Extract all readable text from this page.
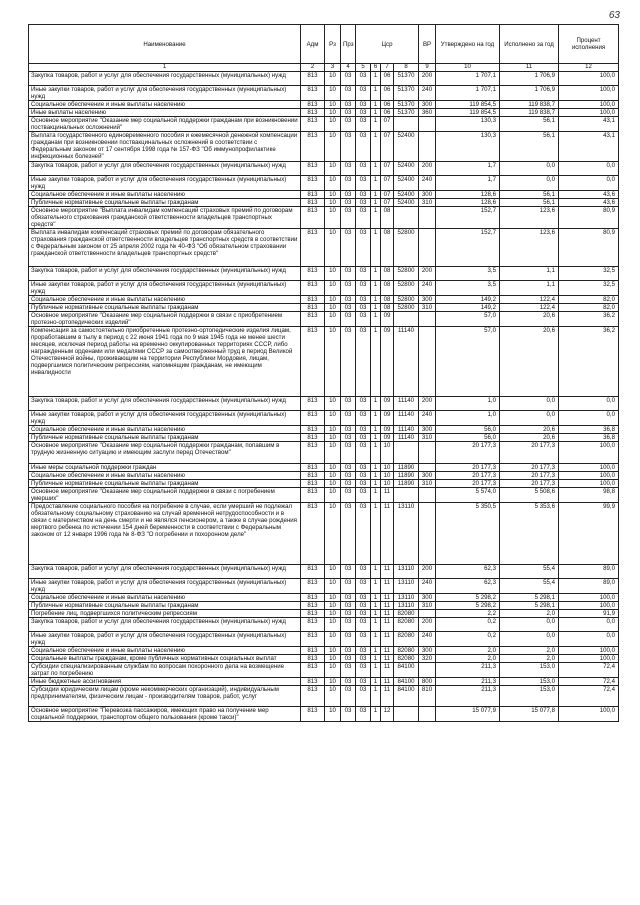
63
Наименование	Адм	Рз	Прз	Цср				ВР	Утверждено на год	Исполнено за год	Процент исполнения
1	2	3	4	5	6	7	8	9	10	11	12
Закупка товаров, работ и услуг для обеспечения государственных (муниципальных) нужд	813	10	03	03	1	06	51370	200	1 707,1	1 706,9	100,0
Иные закупки товаров, работ и услуг для обеспечения государственных (муниципальных) нужд	813	10	03	03	1	06	51370	240	1 707,1	1 706,9	100,0
Социальное обеспечение и иные выплаты населению	813	10	03	03	1	06	51370	300	119 854,5	119 838,7	100,0
Иные выплаты населению	813	10	03	03	1	06	51370	360	119 854,5	119 838,7	100,0
Основное мероприятие "Оказание мер социальной поддержки гражданам при возникновении поствакцинальных осложнений"	813	10	03	03	1	07			130,3	56,1	43,1
Выплата государственного единовременного пособия и ежемесячной денежной компенсации гражданам при возникновении поствакцинальных осложнений в соответствии с Федеральным законом от 17 сентября 1998 года № 157-ФЗ "Об иммунопрофилактике инфекционных болезней"	813	10	03	03	1	07	52400		130,3	56,1	43,1
Закупка товаров, работ и услуг для обеспечения государственных (муниципальных) нужд	813	10	03	03	1	07	52400	200	1,7	0,0	0,0
Иные закупки товаров, работ и услуг для обеспечения государственных (муниципальных) нужд	813	10	03	03	1	07	52400	240	1,7	0,0	0,0
Социальное обеспечение и иные выплаты населению	813	10	03	03	1	07	52400	300	128,6	56,1	43,6
Публичные нормативные социальные выплаты гражданам	813	10	03	03	1	07	52400	310	128,6	56,1	43,6
Основное мероприятие "Выплата инвалидам компенсаций страховых премий по договорам обязательного страхования гражданской ответственности владельцев транспортных средств"	813	10	03	03	1	08			152,7	123,6	80,9
Выплата инвалидам компенсаций страховых премий по договорам обязательного страхования гражданской ответственности владельцев транспортных средств в соответствии с Федеральным законом от 25 апреля 2002 года № 40-ФЗ "Об обязательном страховании гражданской ответственности владельцев транспортных средств"	813	10	03	03	1	08	52800		152,7	123,6	80,9
Закупка товаров, работ и услуг для обеспечения государственных (муниципальных) нужд	813	10	03	03	1	08	52800	200	3,5	1,1	32,5
Иные закупки товаров, работ и услуг для обеспечения государственных (муниципальных) нужд	813	10	03	03	1	08	52800	240	3,5	1,1	32,5
Социальное обеспечение и иные выплаты населению	813	10	03	03	1	08	52800	300	149,2	122,4	82,0
Публичные нормативные социальные выплаты гражданам	813	10	03	03	1	08	52800	310	149,2	122,4	82,0
Основное мероприятие "Оказание мер социальной поддержки в связи с приобретением протезно-ортопедических изделий"	813	10	03	03	1	09			57,0	20,6	36,2
Компенсация за самостоятельно приобретенные протезно-ортопедические изделия лицам, проработавшим в тылу в период с 22 июня 1941 года по 9 мая 1945 года не менее шести месяцев, исключая период работы на временно оккупированных территориях СССР, либо награжденным орденами или медалями СССР за самоотверженный труд в период Великой Отечественной войны, проживающим на территории Республики Мордовия, лицам, подвергшимся политическим репрессиям, напомнящим гражданам, не имеющим инвалидности	813	10	03	03	1	09	11140		57,0	20,6	36,2
Закупка товаров, работ и услуг для обеспечения государственных (муниципальных) нужд	813	10	03	03	1	09	11140	200	1,0	0,0	0,0
Иные закупки товаров, работ и услуг для обеспечения государственных (муниципальных) нужд	813	10	03	03	1	09	11140	240	1,0	0,0	0,0
Социальное обеспечение и иные выплаты населению	813	10	03	03	1	09	11140	300	56,0	20,6	36,8
Публичные нормативные социальные выплаты гражданам	813	10	03	03	1	09	11140	310	56,0	20,6	36,8
Основное мероприятие "Оказание мер социальной поддержки гражданам, попавшим в трудную жизненную ситуацию и имеющим заслуги перед Отечеством"	813	10	03	03	1	10			20 177,3	20 177,3	100,0
Иные меры социальной поддержки граждан	813	10	03	03	1	10	11890		20 177,3	20 177,3	100,0
Социальное обеспечение и иные выплаты населению	813	10	03	03	1	10	11890	300	20 177,3	20 177,3	100,0
Публичные нормативные социальные выплаты гражданам	813	10	03	03	1	10	11890	310	20 177,3	20 177,3	100,0
Основное мероприятие "Оказание мер социальной поддержки в связи с погребением умерших"	813	10	03	03	1	11			5 574,0	5 508,6	98,8
Предоставление социального пособия на погребение в случае, если умерший не подлежал обязательному социальному страхованию на случай временной нетрудоспособности и в связи с материнством на день смерти и не являлся пенсионером, а также в случае рождения мертвого ребенка по истечении 154 дней беременности в соответствии с Федеральным законом от 12 января 1996 года № 8-ФЗ "О погребении и похоронном деле"	813	10	03	03	1	11	13110		5 350,5	5 353,6	99,9
Закупка товаров, работ и услуг для обеспечения государственных (муниципальных) нужд	813	10	03	03	1	11	13110	200	62,3	55,4	89,0
Иные закупки товаров, работ и услуг для обеспечения государственных (муниципальных) нужд	813	10	03	03	1	11	13110	240	62,3	55,4	89,0
Социальное обеспечение и иные выплаты населению	813	10	03	03	1	11	13110	300	5 298,2	5 298,1	100,0
Публичные нормативные социальные выплаты гражданам	813	10	03	03	1	11	13110	310	5 298,2	5 298,1	100,0
Погребение лиц, подвергшихся политическим репрессиям	813	10	03	03	1	11	82080		2,2	2,0	91,9
Закупка товаров, работ и услуг для обеспечения государственных (муниципальных) нужд	813	10	03	03	1	11	82080	200	0,2	0,0	0,0
Иные закупки товаров, работ и услуг для обеспечения государственных (муниципальных) нужд	813	10	03	03	1	11	82080	240	0,2	0,0	0,0
Социальное обеспечение и иные выплаты населению	813	10	03	03	1	11	82080	300	2,0	2,0	100,0
Социальные выплаты гражданам, кроме публичных нормативных социальных выплат	813	10	03	03	1	11	82080	320	2,0	2,0	100,0
Субсидии специализированным службам по вопросам похоронного дела на возмещение затрат по погребению	813	10	03	03	1	11	84100		211,3	153,0	72,4
Иные бюджетные ассигнования	813	10	03	03	1	11	84100	800	211,3	153,0	72,4
Субсидии юридическим лицам (кроме некоммерческих организаций), индивидуальным предпринимателям, физическим лицам - производителям товаров, работ, услуг	813	10	03	03	1	11	84100	810	211,3	153,0	72,4
Основное мероприятие "Перевозка пассажиров, имеющих право на получение мер социальной поддержки, транспортом общего пользования (кроме такси)"	813	10	03	03	1	12			15 077,9	15 077,8	100,0
